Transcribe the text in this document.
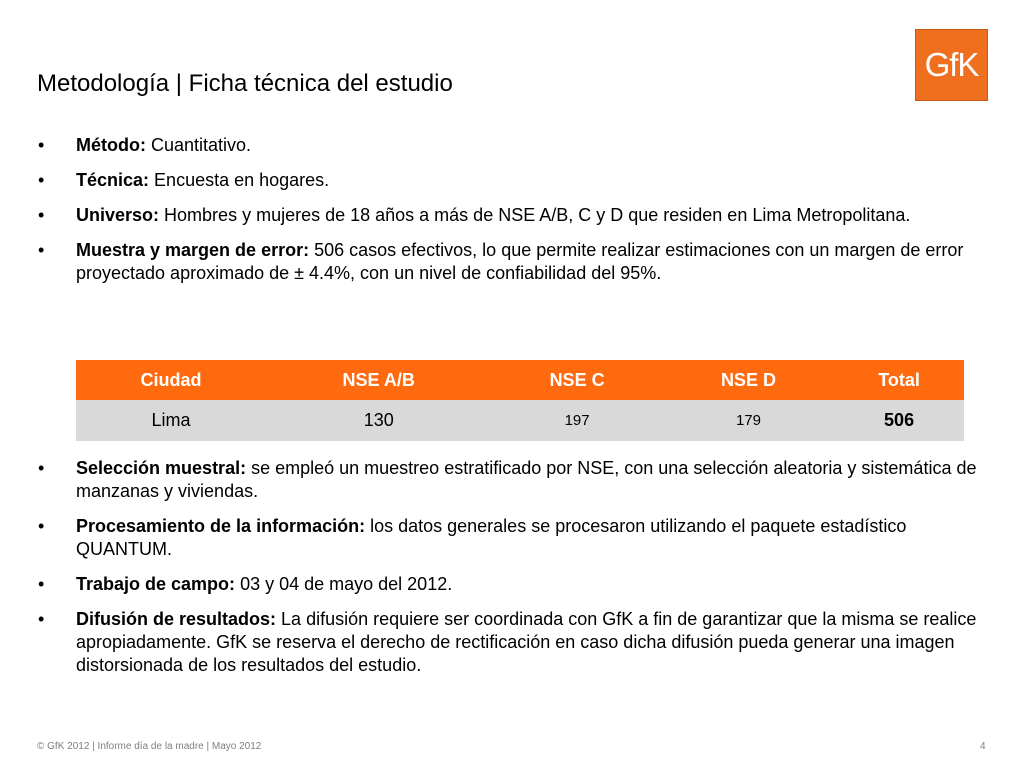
Metodología | Ficha técnica del estudio
GfK
• Método: Cuantitativo.
• Técnica: Encuesta en hogares.
• Universo: Hombres y mujeres de 18 años a más de NSE A/B, C y D que residen en Lima Metropolitana.
• Muestra y margen de error: 506 casos efectivos, lo que permite realizar estimaciones con un margen de error proyectado aproximado de ± 4.4%, con un nivel de confiabilidad del 95%.
Ciudad	NSE A/B	NSE C	NSE D	Total
Lima	130	197	179	506
• Selección muestral: se empleó un muestreo estratificado por NSE, con una selección aleatoria y sistemática de manzanas y viviendas.
• Procesamiento de la información: los datos generales se procesaron utilizando el paquete estadístico QUANTUM.
• Trabajo de campo: 03 y 04 de mayo del 2012.
• Difusión de resultados: La difusión requiere ser coordinada con GfK a fin de garantizar que la misma se realice apropiadamente. GfK se reserva el derecho de rectificación en caso dicha difusión pueda generar una imagen distorsionada de los resultados del estudio.
© GfK 2012 | Informe día de la madre | Mayo 2012	4
